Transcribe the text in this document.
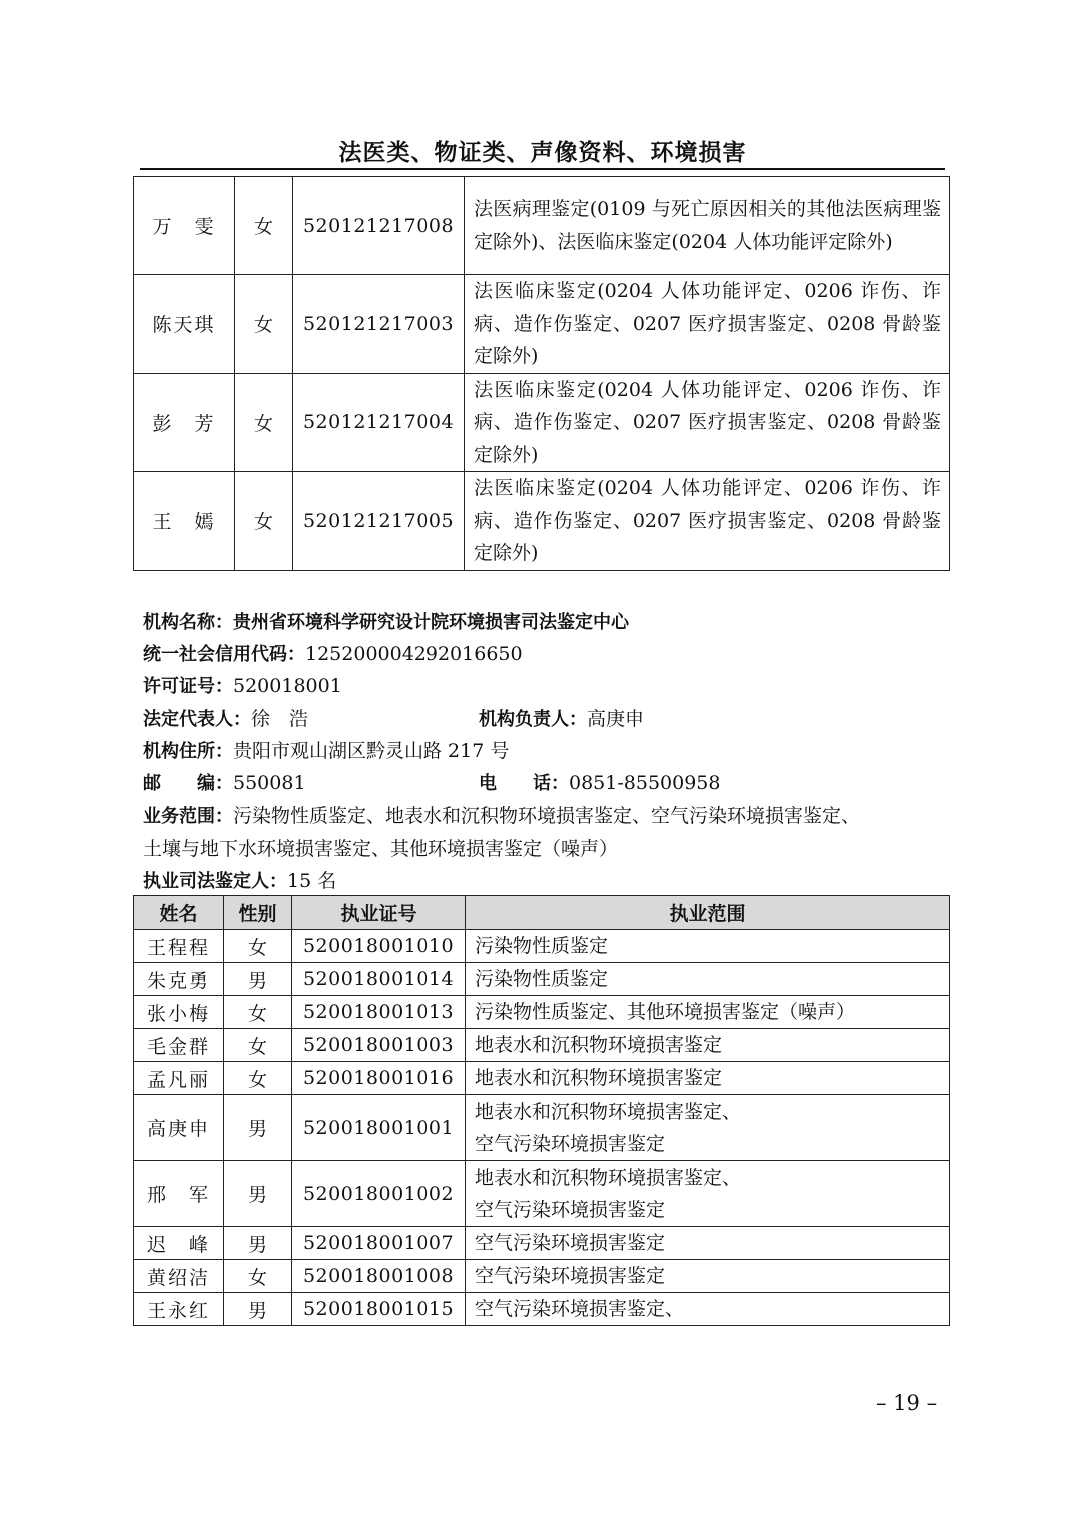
法医类、物证类、声像资料、环境损害
万　雯	女	520121217008	法医病理鉴定(0109 与死亡原因相关的其他法医病理鉴定除外)、法医临床鉴定(0204 人体功能评定除外)
陈天琪	女	520121217003	法医临床鉴定(0204 人体功能评定、0206 诈伤、诈病、造作伤鉴定、0207 医疗损害鉴定、0208 骨龄鉴定除外)
彭　芳	女	520121217004	法医临床鉴定(0204 人体功能评定、0206 诈伤、诈病、造作伤鉴定、0207 医疗损害鉴定、0208 骨龄鉴定除外)
王　嫣	女	520121217005	法医临床鉴定(0204 人体功能评定、0206 诈伤、诈病、造作伤鉴定、0207 医疗损害鉴定、0208 骨龄鉴定除外)
机构名称：贵州省环境科学研究设计院环境损害司法鉴定中心
统一社会信用代码：12520000429201665​0
许可证号：520018001
法定代表人：徐　浩	机构负责人：高庚申
机构住所：贵阳市观山湖区黔灵山路 217 号
邮　　编：550081	电　　话：0851-85500958
业务范围：污染物性质鉴定、地表水和沉积物环境损害鉴定、空气污染环境损害鉴定、
土壤与地下水环境损害鉴定、其他环境损害鉴定（噪声）
执业司法鉴定人：15 名
姓名	性别	执业证号	执业范围
王程程	女	520018001010	污染物性质鉴定
朱克勇	男	520018001014	污染物性质鉴定
张小梅	女	520018001013	污染物性质鉴定、其他环境损害鉴定（噪声）
毛金群	女	520018001003	地表水和沉积物环境损害鉴定
孟凡丽	女	520018001016	地表水和沉积物环境损害鉴定
高庚申	男	520018001001	地表水和沉积物环境损害鉴定、
空气污染环境损害鉴定

邢　军	男	520018001002	地表水和沉积物环境损害鉴定、
空气污染环境损害鉴定

迟　峰	男	520018001007	空气污染环境损害鉴定
黄绍洁	女	520018001008	空气污染环境损害鉴定
王永红	男	520018001015	空气污染环境损害鉴定、
– 19 –
